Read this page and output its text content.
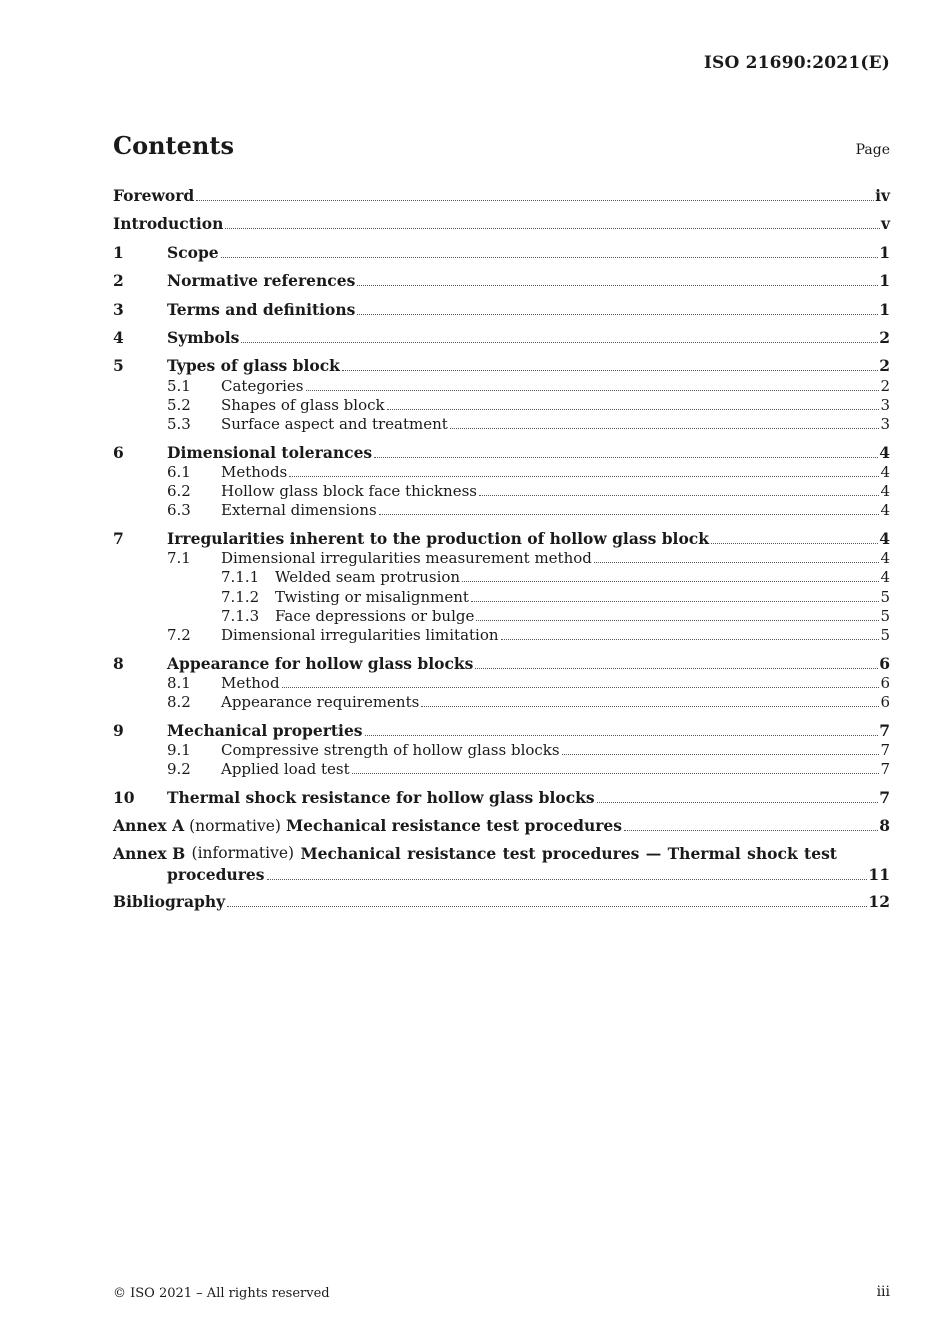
ISO 21690:2021(E)
Contents	Page
Foreword	iv
Introduction	v
1	Scope	1
2	Normative references	1
3	Terms and definitions	1
4	Symbols	2
5	Types of glass block	2
5.1	Categories	2
5.2	Shapes of glass block	3
5.3	Surface aspect and treatment	3
6	Dimensional tolerances	4
6.1	Methods	4
6.2	Hollow glass block face thickness	4
6.3	External dimensions	4
7	Irregularities inherent to the production of hollow glass block	4
7.1	Dimensional irregularities measurement method	4
7.1.1	Welded seam protrusion	4
7.1.2	Twisting or misalignment	5
7.1.3	Face depressions or bulge	5
7.2	Dimensional irregularities limitation	5
8	Appearance for hollow glass blocks	6
8.1	Method	6
8.2	Appearance requirements	6
9	Mechanical properties	7
9.1	Compressive strength of hollow glass blocks	7
9.2	Applied load test	7
10	Thermal shock resistance for hollow glass blocks	7
Annex A (normative) Mechanical resistance test procedures	8
Annex B (informative) Mechanical resistance test procedures — Thermal shock test
procedures	11
Bibliography	12
© ISO 2021 – All rights reserved	iii
